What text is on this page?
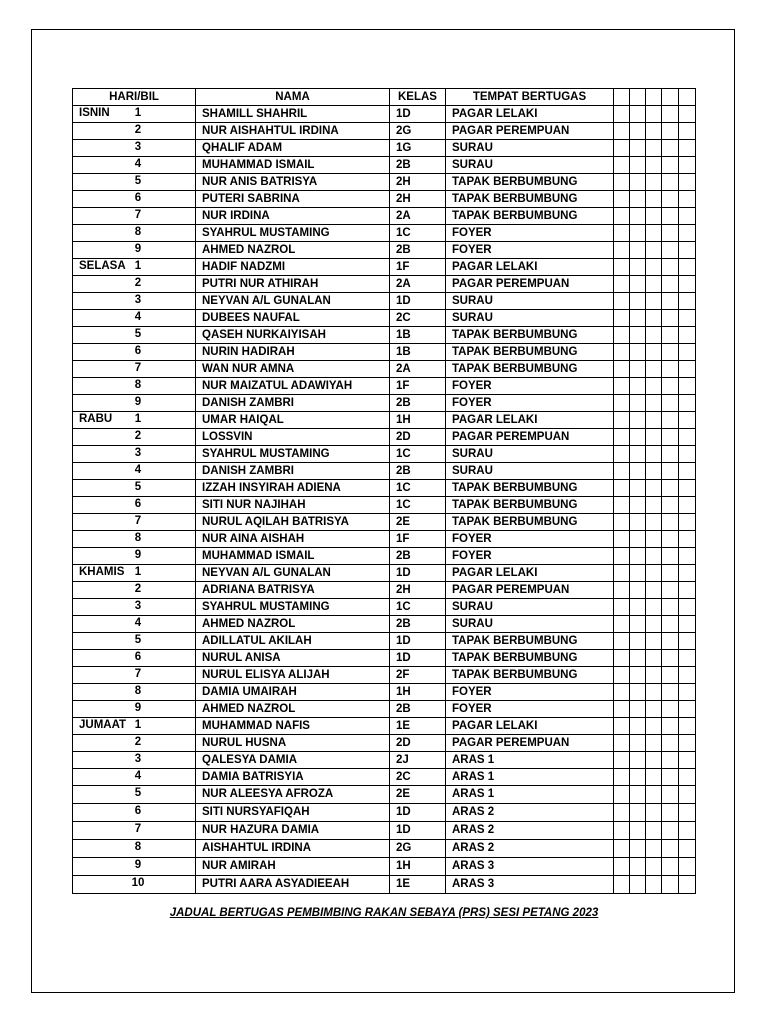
HARI/BIL	NAMA	KELAS	TEMPAT BERTUGAS					

ISNIN 1	SHAMILL SHAHRIL	1D	PAGAR LELAKI					

2	NUR AISHAHTUL IRDINA	2G	PAGAR PEREMPUAN					

3	QHALIF ADAM	1G	SURAU					

4	MUHAMMAD ISMAIL	2B	SURAU					

5	NUR ANIS BATRISYA	2H	TAPAK BERBUMBUNG					

6	PUTERI SABRINA	2H	TAPAK BERBUMBUNG					

7	NUR IRDINA	2A	TAPAK BERBUMBUNG					

8	SYAHRUL MUSTAMING	1C	FOYER					

9	AHMED NAZROL	2B	FOYER					

SELASA 1	HADIF NADZMI	1F	PAGAR LELAKI					

2	PUTRI NUR ATHIRAH	2A	PAGAR PEREMPUAN					

3	NEYVAN A/L GUNALAN	1D	SURAU					

4	DUBEES NAUFAL	2C	SURAU					

5	QASEH NURKAIYISAH	1B	TAPAK BERBUMBUNG					

6	NURIN HADIRAH	1B	TAPAK BERBUMBUNG					

7	WAN NUR AMNA	2A	TAPAK BERBUMBUNG					

8	NUR MAIZATUL ADAWIYAH	1F	FOYER					

9	DANISH ZAMBRI	2B	FOYER					

RABU 1	UMAR HAIQAL	1H	PAGAR LELAKI					

2	LOSSVIN	2D	PAGAR PEREMPUAN					

3	SYAHRUL MUSTAMING	1C	SURAU					

4	DANISH ZAMBRI	2B	SURAU					

5	IZZAH INSYIRAH ADIENA	1C	TAPAK BERBUMBUNG					

6	SITI NUR NAJIHAH	1C	TAPAK BERBUMBUNG					

7	NURUL AQILAH BATRISYA	2E	TAPAK BERBUMBUNG					

8	NUR AINA AISHAH	1F	FOYER					

9	MUHAMMAD ISMAIL	2B	FOYER					

KHAMIS 1	NEYVAN A/L GUNALAN	1D	PAGAR LELAKI					

2	ADRIANA BATRISYA	2H	PAGAR PEREMPUAN					

3	SYAHRUL MUSTAMING	1C	SURAU					

4	AHMED NAZROL	2B	SURAU					

5	ADILLATUL AKILAH	1D	TAPAK BERBUMBUNG					

6	NURUL ANISA	1D	TAPAK BERBUMBUNG					

7	NURUL ELISYA ALIJAH	2F	TAPAK BERBUMBUNG					

8	DAMIA UMAIRAH	1H	FOYER					

9	AHMED NAZROL	2B	FOYER					

JUMAAT 1	MUHAMMAD NAFIS	1E	PAGAR LELAKI					

2	NURUL HUSNA	2D	PAGAR PEREMPUAN					

3	QALESYA DAMIA	2J	ARAS 1					

4	DAMIA BATRISYIA	2C	ARAS 1					

5	NUR ALEESYA AFROZA	2E	ARAS 1					

6	SITI NURSYAFIQAH	1D	ARAS 2					

7	NUR HAZURA DAMIA	1D	ARAS 2					

8	AISHAHTUL IRDINA	2G	ARAS 2					

9	NUR AMIRAH	1H	ARAS 3					

10	PUTRI AARA ASYADIEEAH	1E	ARAS 3					
JADUAL BERTUGAS PEMBIMBING RAKAN SEBAYA (PRS) SESI PETANG 2023
